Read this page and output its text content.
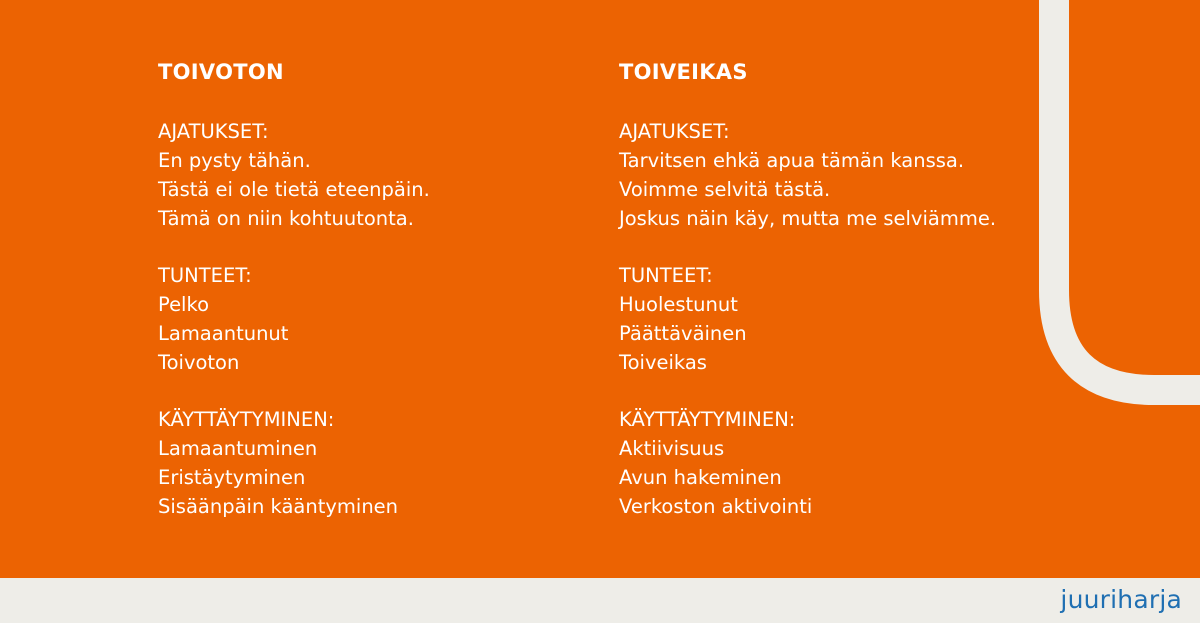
TOIVOTON
AJATUKSET:
En pysty tähän.
Tästä ei ole tietä eteenpäin.
Tämä on niin kohtuutonta.
TUNTEET:
Pelko
Lamaantunut
Toivoton
KÄYTTÄYTYMINEN:
Lamaantuminen
Eristäytyminen
Sisäänpäin kääntyminen
TOIVEIKAS
AJATUKSET:
Tarvitsen ehkä apua tämän kanssa.
Voimme selvitä tästä.
Joskus näin käy, mutta me selviämme.
TUNTEET:
Huolestunut
Päättäväinen
Toiveikas
KÄYTTÄYTYMINEN:
Aktiivisuus
Avun hakeminen
Verkoston aktivointi
juuriharja
